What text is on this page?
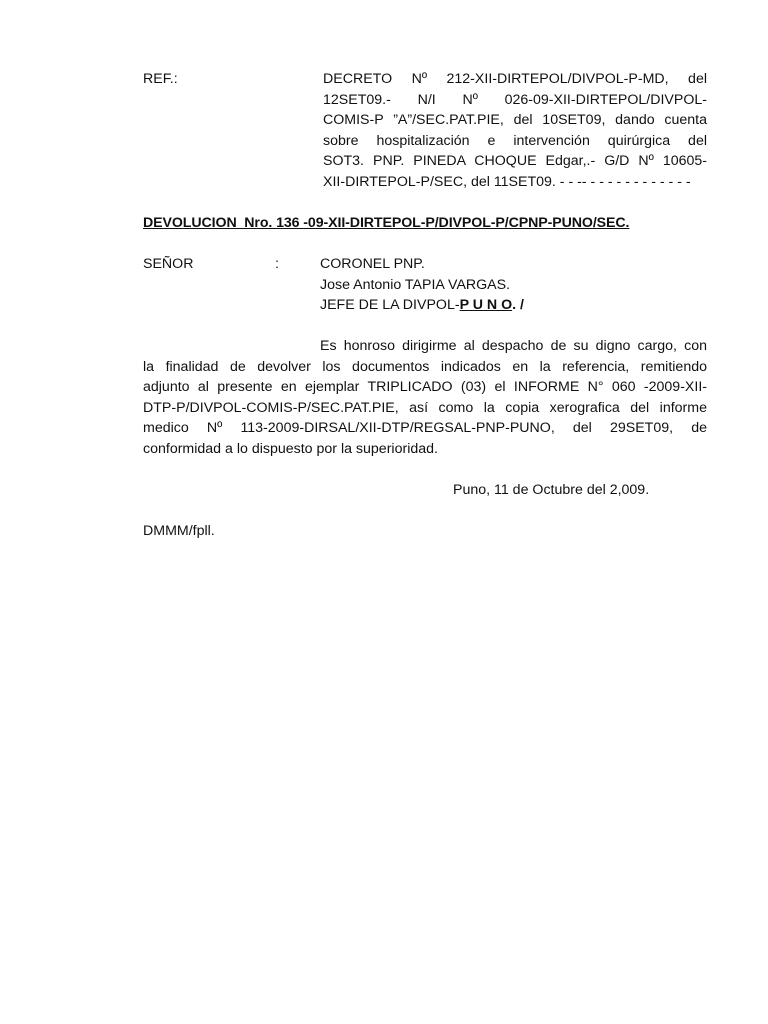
REF.:	DECRETO Nº 212-XII-DIRTEPOL/DIVPOL-P-MD, del
12SET09.- N/I Nº 026-09-XII-DIRTEPOL/DIVPOL-
COMIS-P ”A”/SEC.PAT.PIE, del 10SET09, dando cuenta
sobre hospitalización e intervención quirúrgica del
SOT3. PNP. PINEDA CHOQUE Edgar,.- G/D Nº 10605-
XII-DIRTEPOL-P/SEC, del 11SET09. - - -- - - - - - - - - - - - -
DEVOLUCION  Nro. 136 -09-XII-DIRTEPOL-P/DIVPOL-P/CPNP-PUNO/SEC.
SEÑOR	:	CORONEL PNP.
Jose Antonio TAPIA VARGAS.
JEFE DE LA DIVPOL-P U N O. /
Es honroso dirigirme al despacho de su digno cargo, con
la finalidad de devolver los documentos indicados en la referencia, remitiendo
adjunto al presente en ejemplar TRIPLICADO (03) el INFORME N° 060 -2009-XII-
DTP-P/DIVPOL-COMIS-P/SEC.PAT.PIE, así como la copia xerografica del informe
medico Nº 113-2009-DIRSAL/XII-DTP/REGSAL-PNP-PUNO, del 29SET09, de
conformidad a lo dispuesto por la superioridad.
Puno, 11 de Octubre del 2,009.
DMMM/fpll.
